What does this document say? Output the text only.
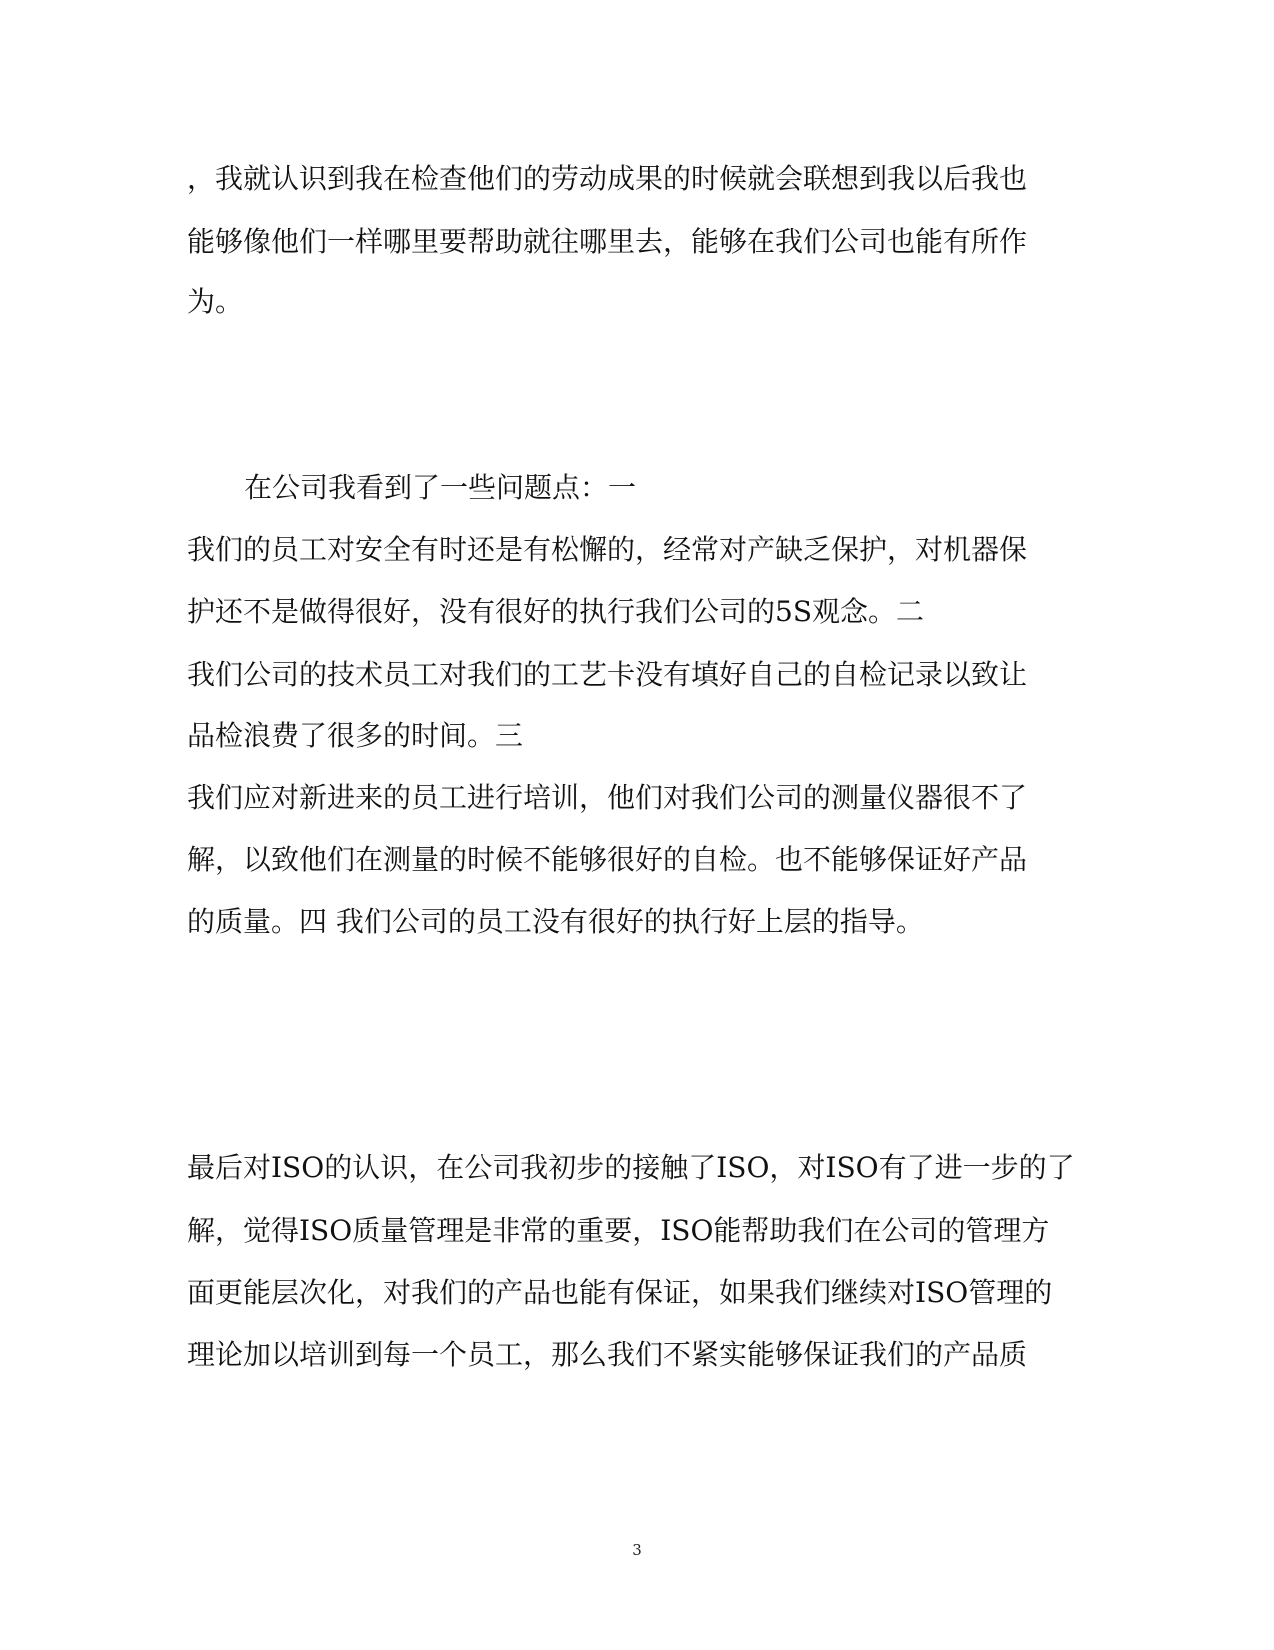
，我就认识到我在检查他们的劳动成果的时候就会联想到我以后我也
能够像他们一样哪里要帮助就往哪里去，能够在我们公司也能有所作
为。
在公司我看到了一些问题点：一
我们的员工对安全有时还是有松懈的，经常对产缺乏保护，对机器保
护还不是做得很好，没有很好的执行我们公司的5S观念。二
我们公司的技术员工对我们的工艺卡没有填好自己的自检记录以致让
品检浪费了很多的时间。三
我们应对新进来的员工进行培训，他们对我们公司的测量仪器很不了
解，以致他们在测量的时候不能够很好的自检。也不能够保证好产品
的质量。四 我们公司的员工没有很好的执行好上层的指导。
最后对ISO的认识，在公司我初步的接触了ISO，对ISO有了进一步的了
解，觉得ISO质量管理是非常的重要，ISO能帮助我们在公司的管理方
面更能层次化，对我们的产品也能有保证，如果我们继续对ISO管理的
理论加以培训到每一个员工，那么我们不紧实能够保证我们的产品质
3
